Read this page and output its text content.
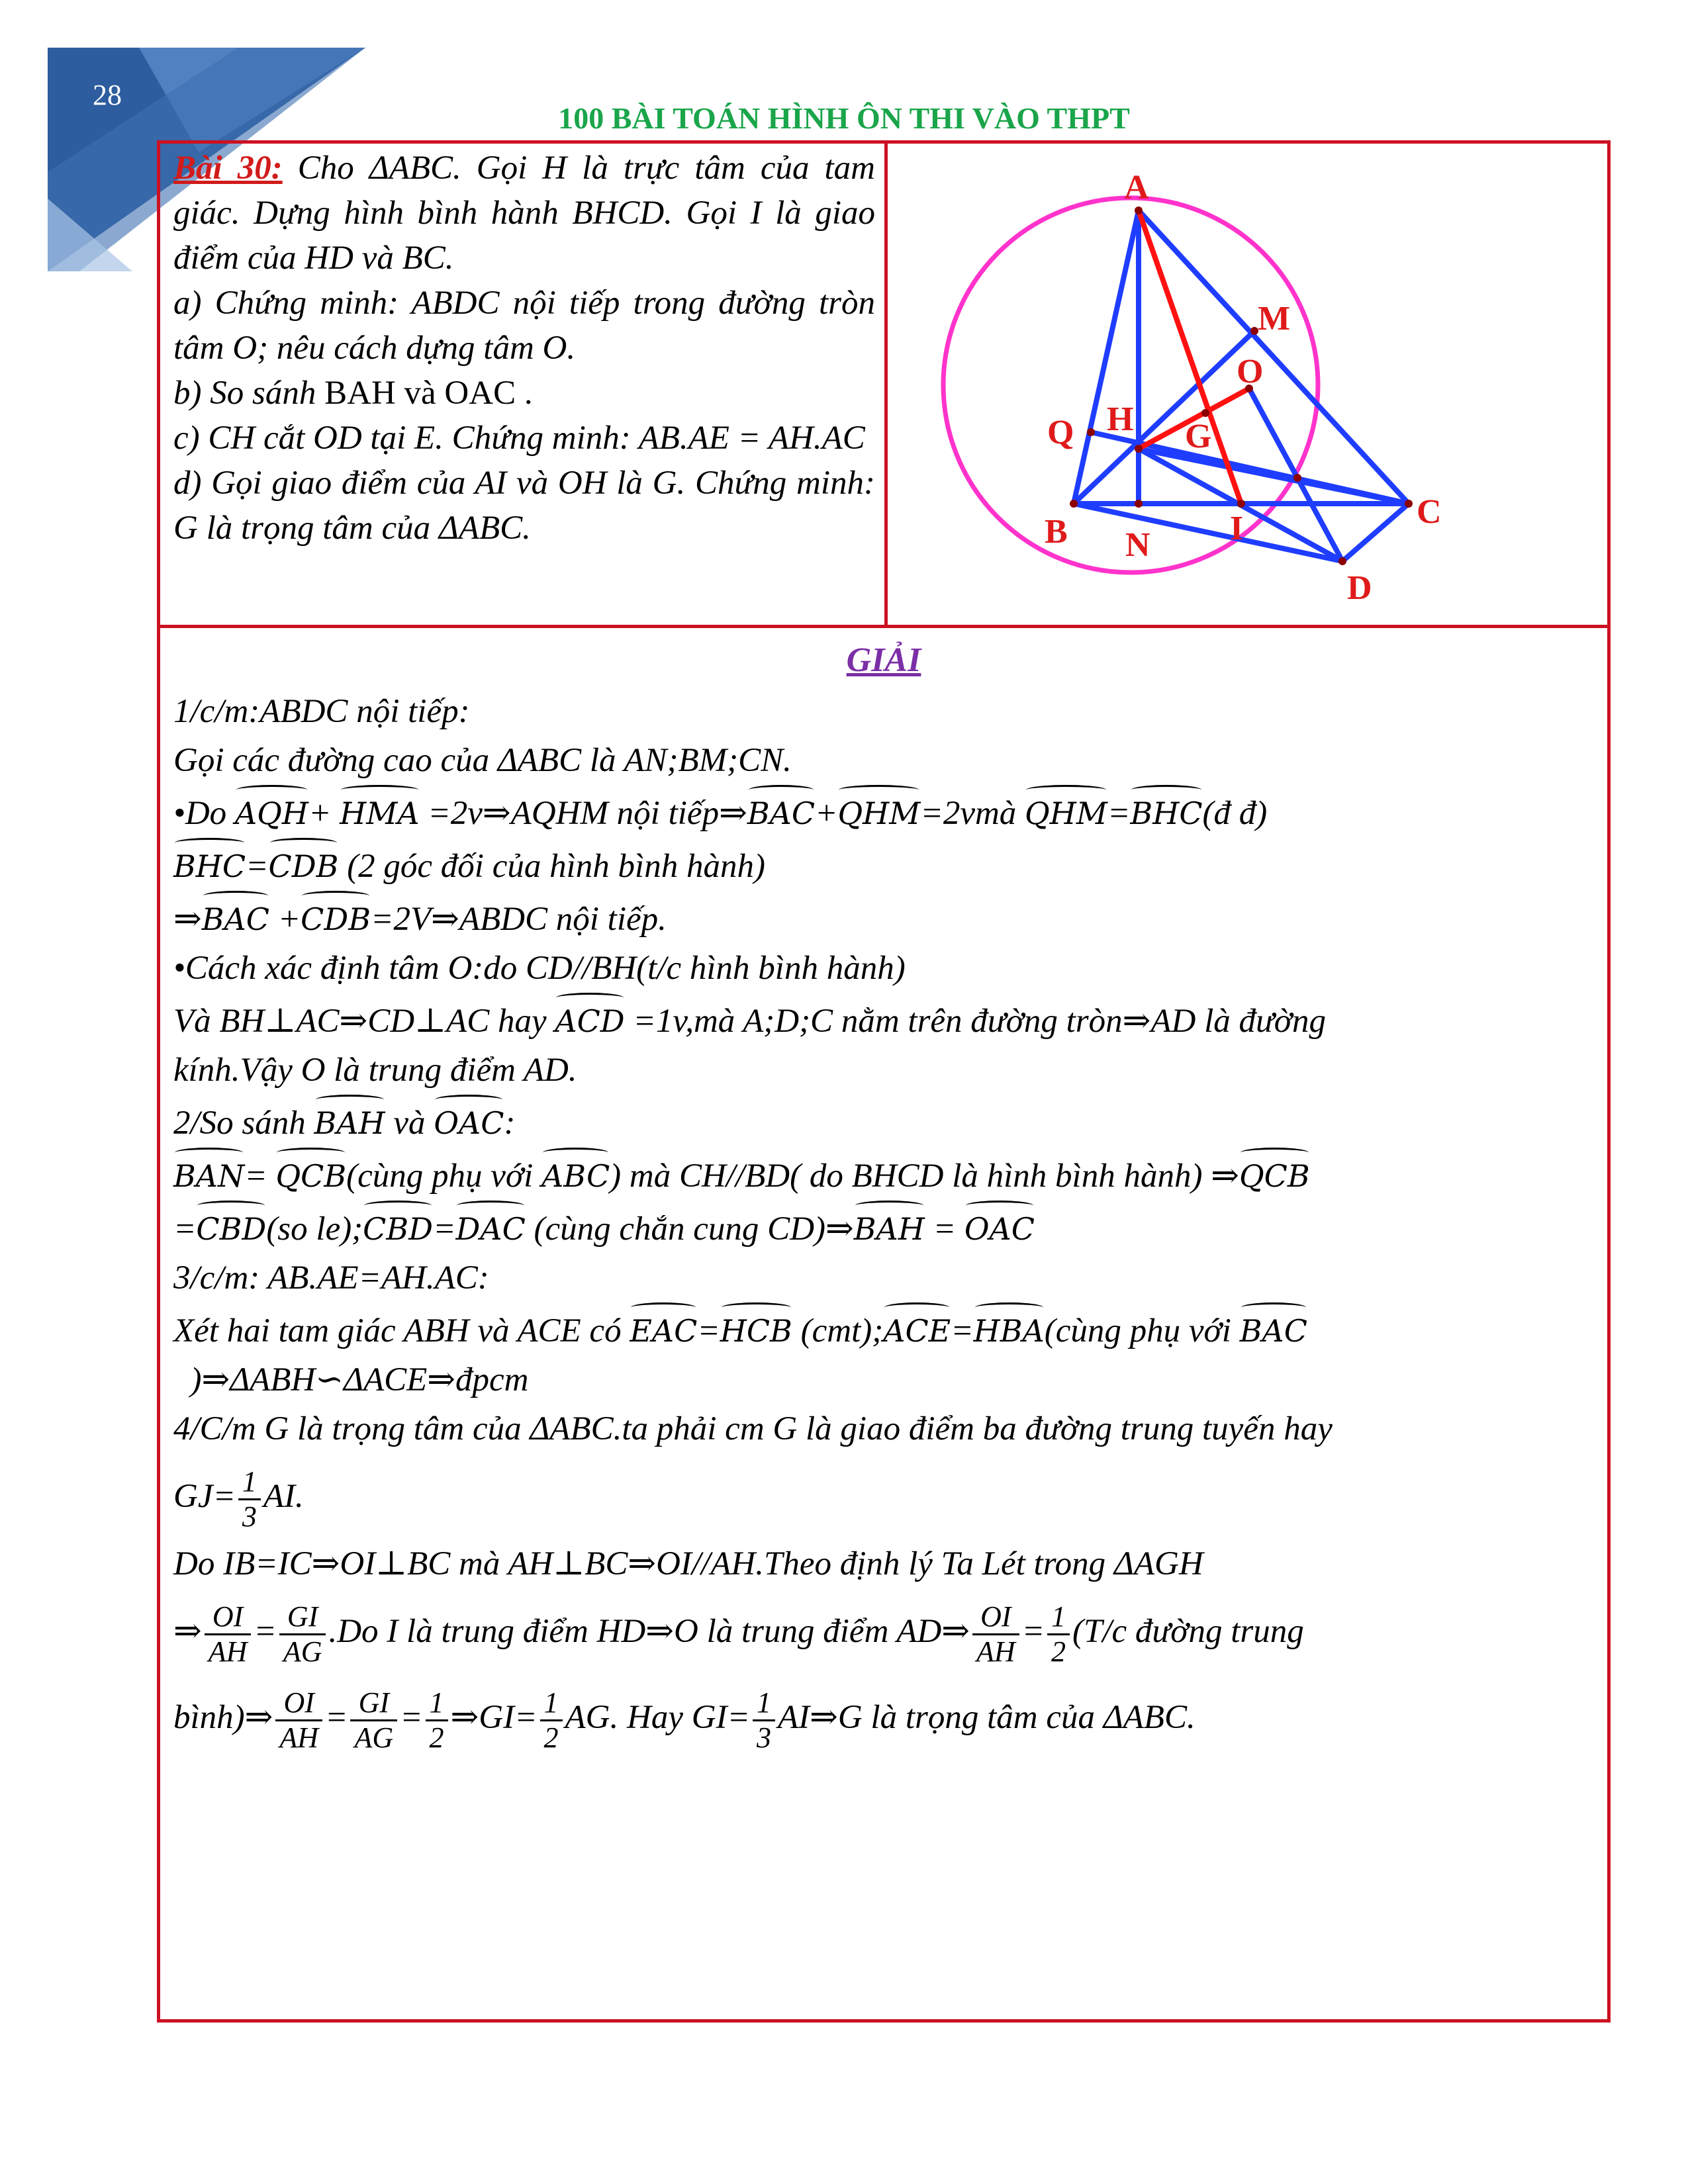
28
100 BÀI TOÁN HÌNH ÔN THI VÀO THPT

Bài 30: Cho ΔABC. Gọi H là trực tâm của tam giác. Dựng hình bình hành BHCD. Gọi I là giao điểm của HD và BC.

a) Chứng minh: ABDC nội tiếp trong đường tròn tâm O; nêu cách dựng tâm O.

b) So sánh BAH và OAC .

c) CH cắt OD tại E. Chứng minh: AB.AE = AH.AC

d) Gọi giao điểm của AI và OH là G. Chứng minh: G là trọng tâm của ΔABC.

A
M
O
Q H G
C
B N I
D
GIẢI

1/c/m:ABDC nội tiếp:

Gọi các đường cao của ΔABC là AN;BM;CN.

•Do AQH+ HMA =2v⇒AQHM nội tiếp⇒BAC+QHM=2vmà QHM=BHC(đ đ)

BHC=CDB (2 góc đối của hình bình hành)

⇒BAC +CDB=2V⇒ABDC nội tiếp.

•Cách xác định tâm O:do CD//BH(t/c hình bình hành)

Và BH⊥AC⇒CD⊥AC hay ACD =1v,mà A;D;C nằm trên đường tròn⇒AD là đường

kính.Vậy O là trung điểm AD.

2/So sánh BAH và OAC:

BAN= QCB(cùng phụ với ABC) mà CH//BD( do BHCD là hình bình hành) ⇒QCB

=CBD(so le);CBD=DAC (cùng chắn cung CD)⇒BAH = OAC

3/c/m: AB.AE=AH.AC:

Xét hai tam giác ABH và ACE có EAC=HCB (cmt);ACE=HBA(cùng phụ với BAC

)⇒ΔABH∽ΔACE⇒đpcm

4/C/m G là trọng tâm của ΔABC.ta phải cm G là giao điểm ba đường trung tuyến hay

$GJ= \frac{1}{3}$ AI.

Do IB=IC⇒OI⊥BC mà AH⊥BC⇒OI//AH.Theo định lý Ta Lét trong ΔAGH

⇒ $\frac{OI}{AH} = \frac{GI}{AG} .Do$ I là trung điểm HD⇒O là trung điểm AD⇒ $\frac{OI}{AH} = \frac{1}{2} (T/c$ đường trung

bình)⇒ $\frac{OI}{AH} = \frac{GI}{AG} = \frac{1}{2}$ ⇒GI= $\frac{1}{2}$ AG. Hay $GI= \frac{1}{3}$ AI⇒G là trọng tâm của ΔABC.
